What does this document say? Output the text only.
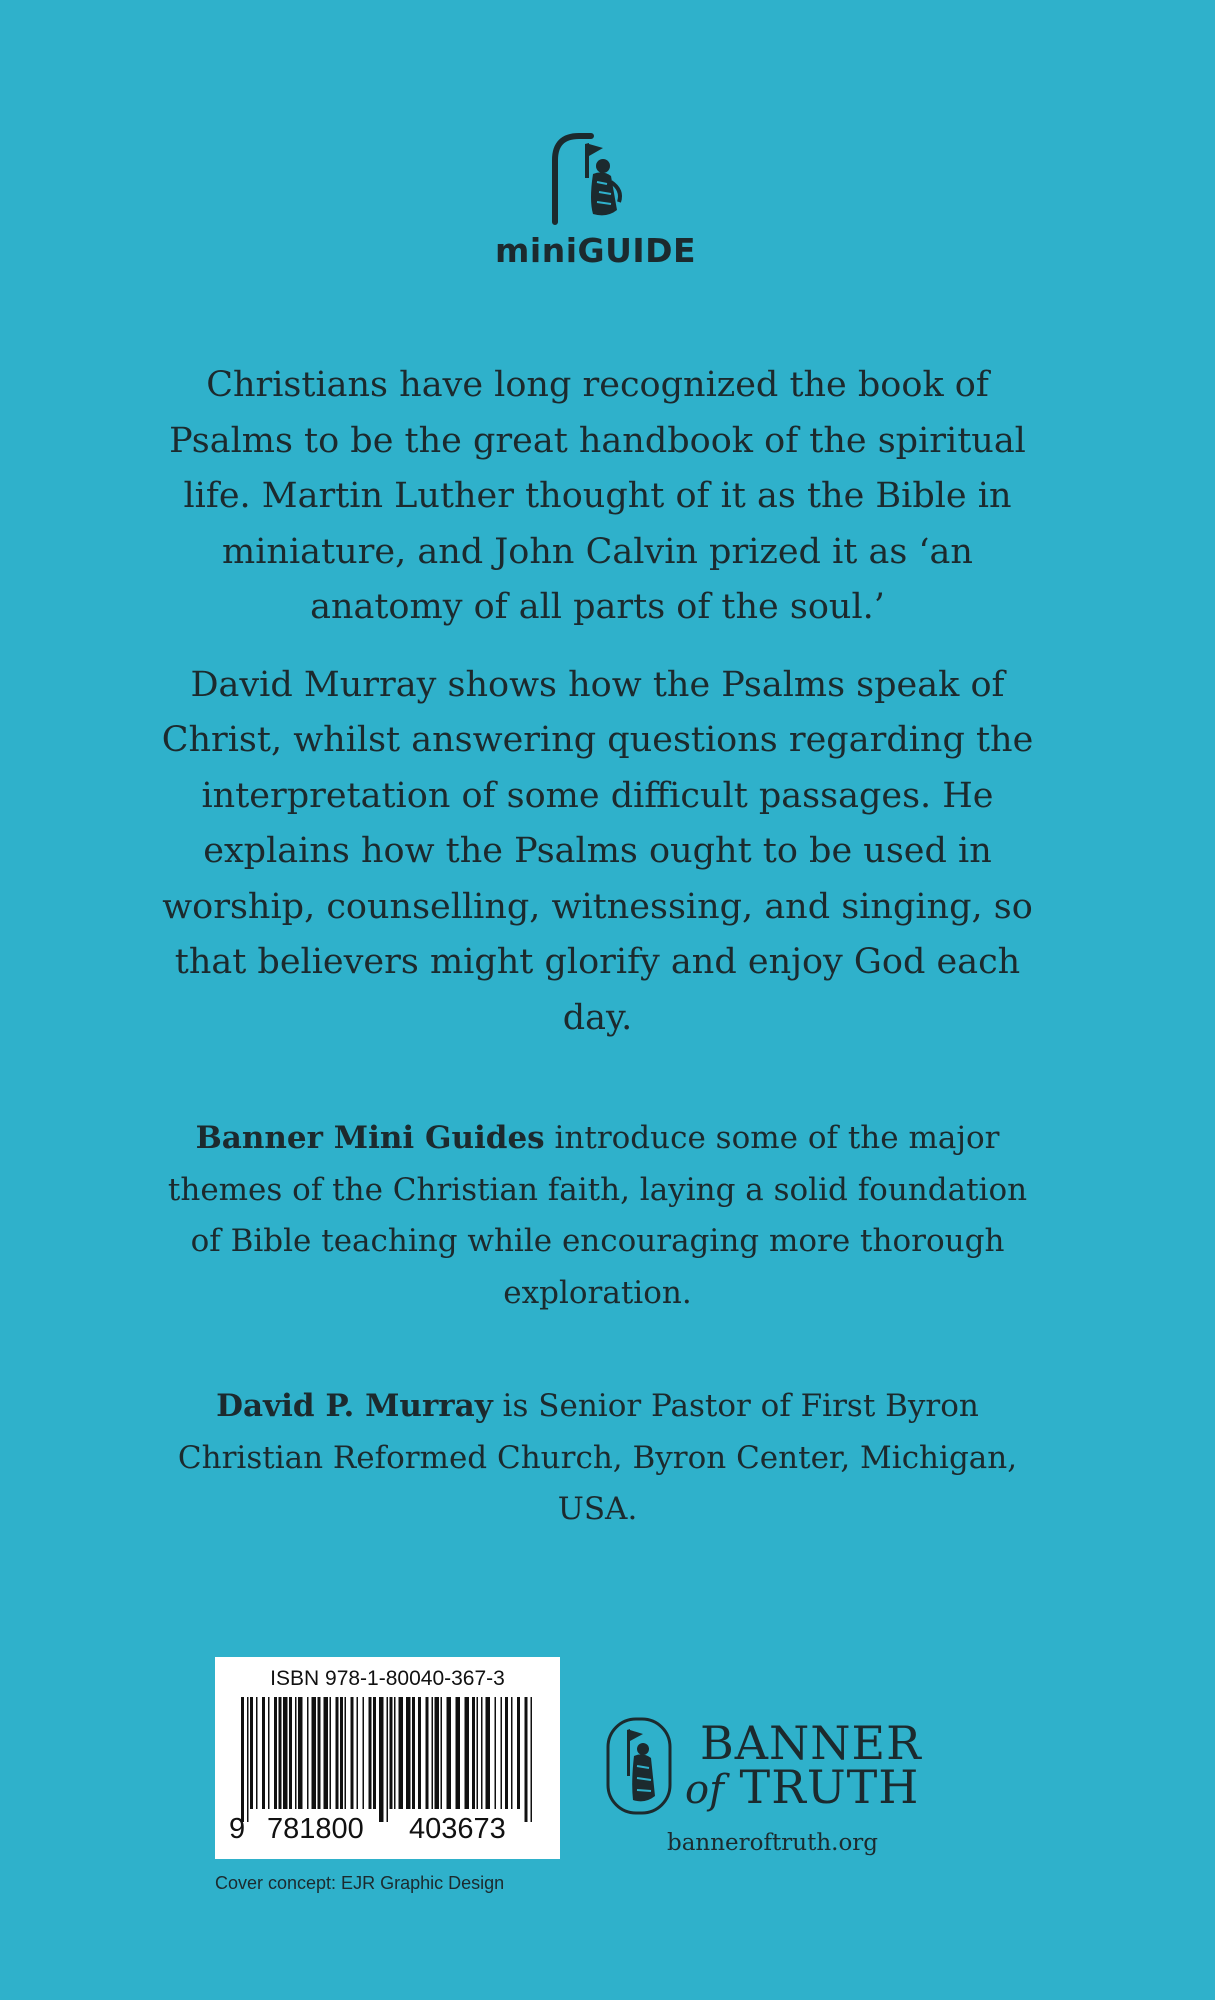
miniGUIDE

Christians have long recognized the book of Psalms to be the great handbook of the spiritual life. Martin Luther thought of it as the Bible in miniature, and John Calvin prized it as ‘an anatomy of all parts of the soul.’

David Murray shows how the Psalms speak of Christ, whilst answering questions regarding the interpretation of some difficult passages. He explains how the Psalms ought to be used in worship, counselling, witnessing, and singing, so that believers might glorify and enjoy God each day.

Banner Mini Guides introduce some of the major themes of the Christian faith, laying a solid foundation of Bible teaching while encouraging more thorough exploration.

David P. Murray is Senior Pastor of First Byron Christian Reformed Church, Byron Center, Michigan, USA.

ISBN 978-1-80040-367-3
9 781800 403673
Cover concept: EJR Graphic Design
BANNER
of TRUTH
banneroftruth.org
